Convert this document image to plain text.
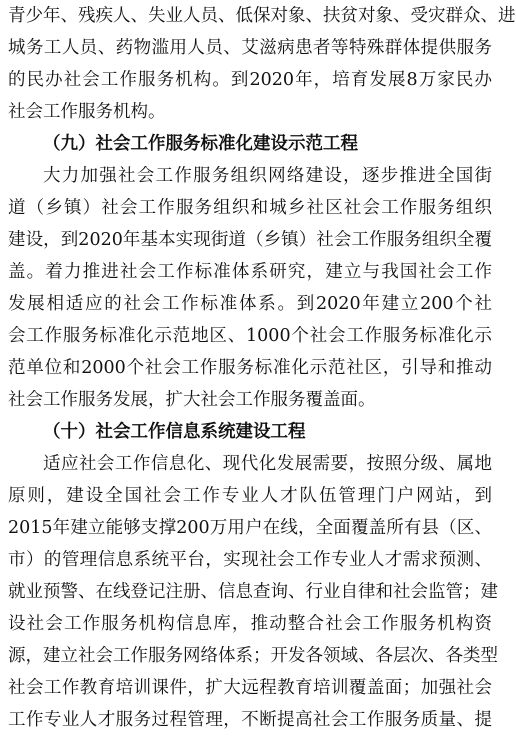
青少年、残疾人、失业人员、低保对象、扶贫对象、受灾群众、进
城务工人员、药物滥用人员、艾滋病患者等特殊群体提供服务
的民办社会工作服务机构。到2020年，培育发展8万家民办
社会工作服务机构。
（九）社会工作服务标准化建设示范工程
大力加强社会工作服务组织网络建设，逐步推进全国街
道（乡镇）社会工作服务组织和城乡社区社会工作服务组织
建设，到2020年基本实现街道（乡镇）社会工作服务组织全覆
盖。着力推进社会工作标准体系研究，建立与我国社会工作
发展相适应的社会工作标准体系。到2020年建立200个社
会工作服务标准化示范地区、1000个社会工作服务标准化示
范单位和2000个社会工作服务标准化示范社区，引导和推动
社会工作服务发展，扩大社会工作服务覆盖面。
（十）社会工作信息系统建设工程
适应社会工作信息化、现代化发展需要，按照分级、属地
原则，建设全国社会工作专业人才队伍管理门户网站，到
2015年建立能够支撑200万用户在线，全面覆盖所有县（区、
市）的管理信息系统平台，实现社会工作专业人才需求预测、
就业预警、在线登记注册、信息查询、行业自律和社会监管；建
设社会工作服务机构信息库，推动整合社会工作服务机构资
源，建立社会工作服务网络体系；开发各领域、各层次、各类型
社会工作教育培训课件，扩大远程教育培训覆盖面；加强社会
工作专业人才服务过程管理，不断提高社会工作服务质量、提
